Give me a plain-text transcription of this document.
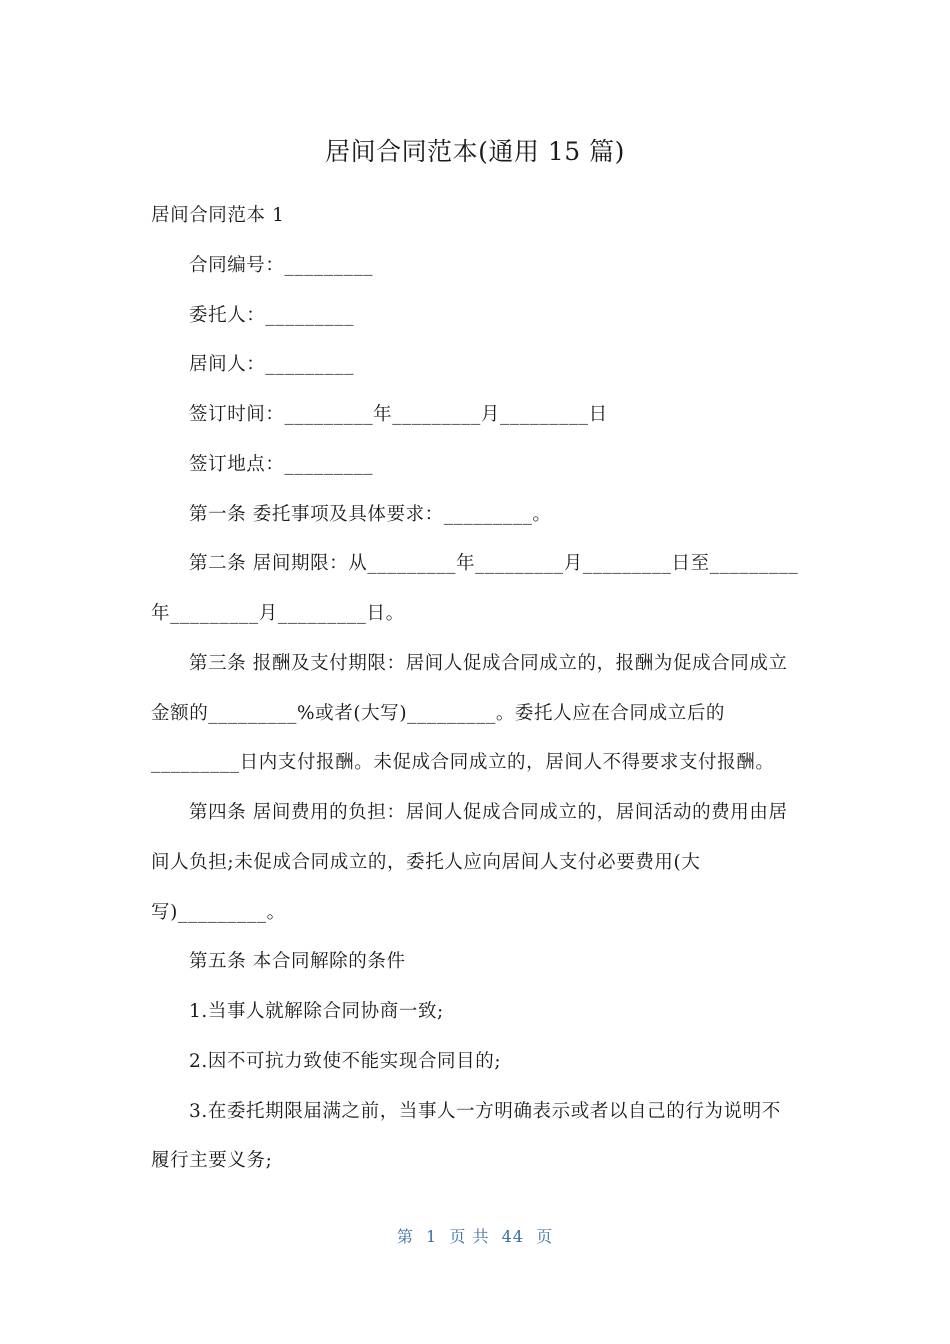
居间合同范本(通用 15 篇)
居间合同范本 1
合同编号：_________
委托人：_________
居间人：_________
签订时间：_________年_________月_________日
签订地点：_________
第一条 委托事项及具体要求：_________。
第二条 居间期限：从_________年_________月_________日至_________
年_________月_________日。
第三条 报酬及支付期限：居间人促成合同成立的，报酬为促成合同成立
金额的_________%或者(大写)_________。委托人应在合同成立后的
_________日内支付报酬。未促成合同成立的，居间人不得要求支付报酬。
第四条 居间费用的负担：居间人促成合同成立的，居间活动的费用由居
间人负担;未促成合同成立的，委托人应向居间人支付必要费用(大
写)_________。
第五条 本合同解除的条件
1.当事人就解除合同协商一致;
2.因不可抗力致使不能实现合同目的;
3.在委托期限届满之前，当事人一方明确表示或者以自己的行为说明不
履行主要义务;
第  1  页 共  44  页
